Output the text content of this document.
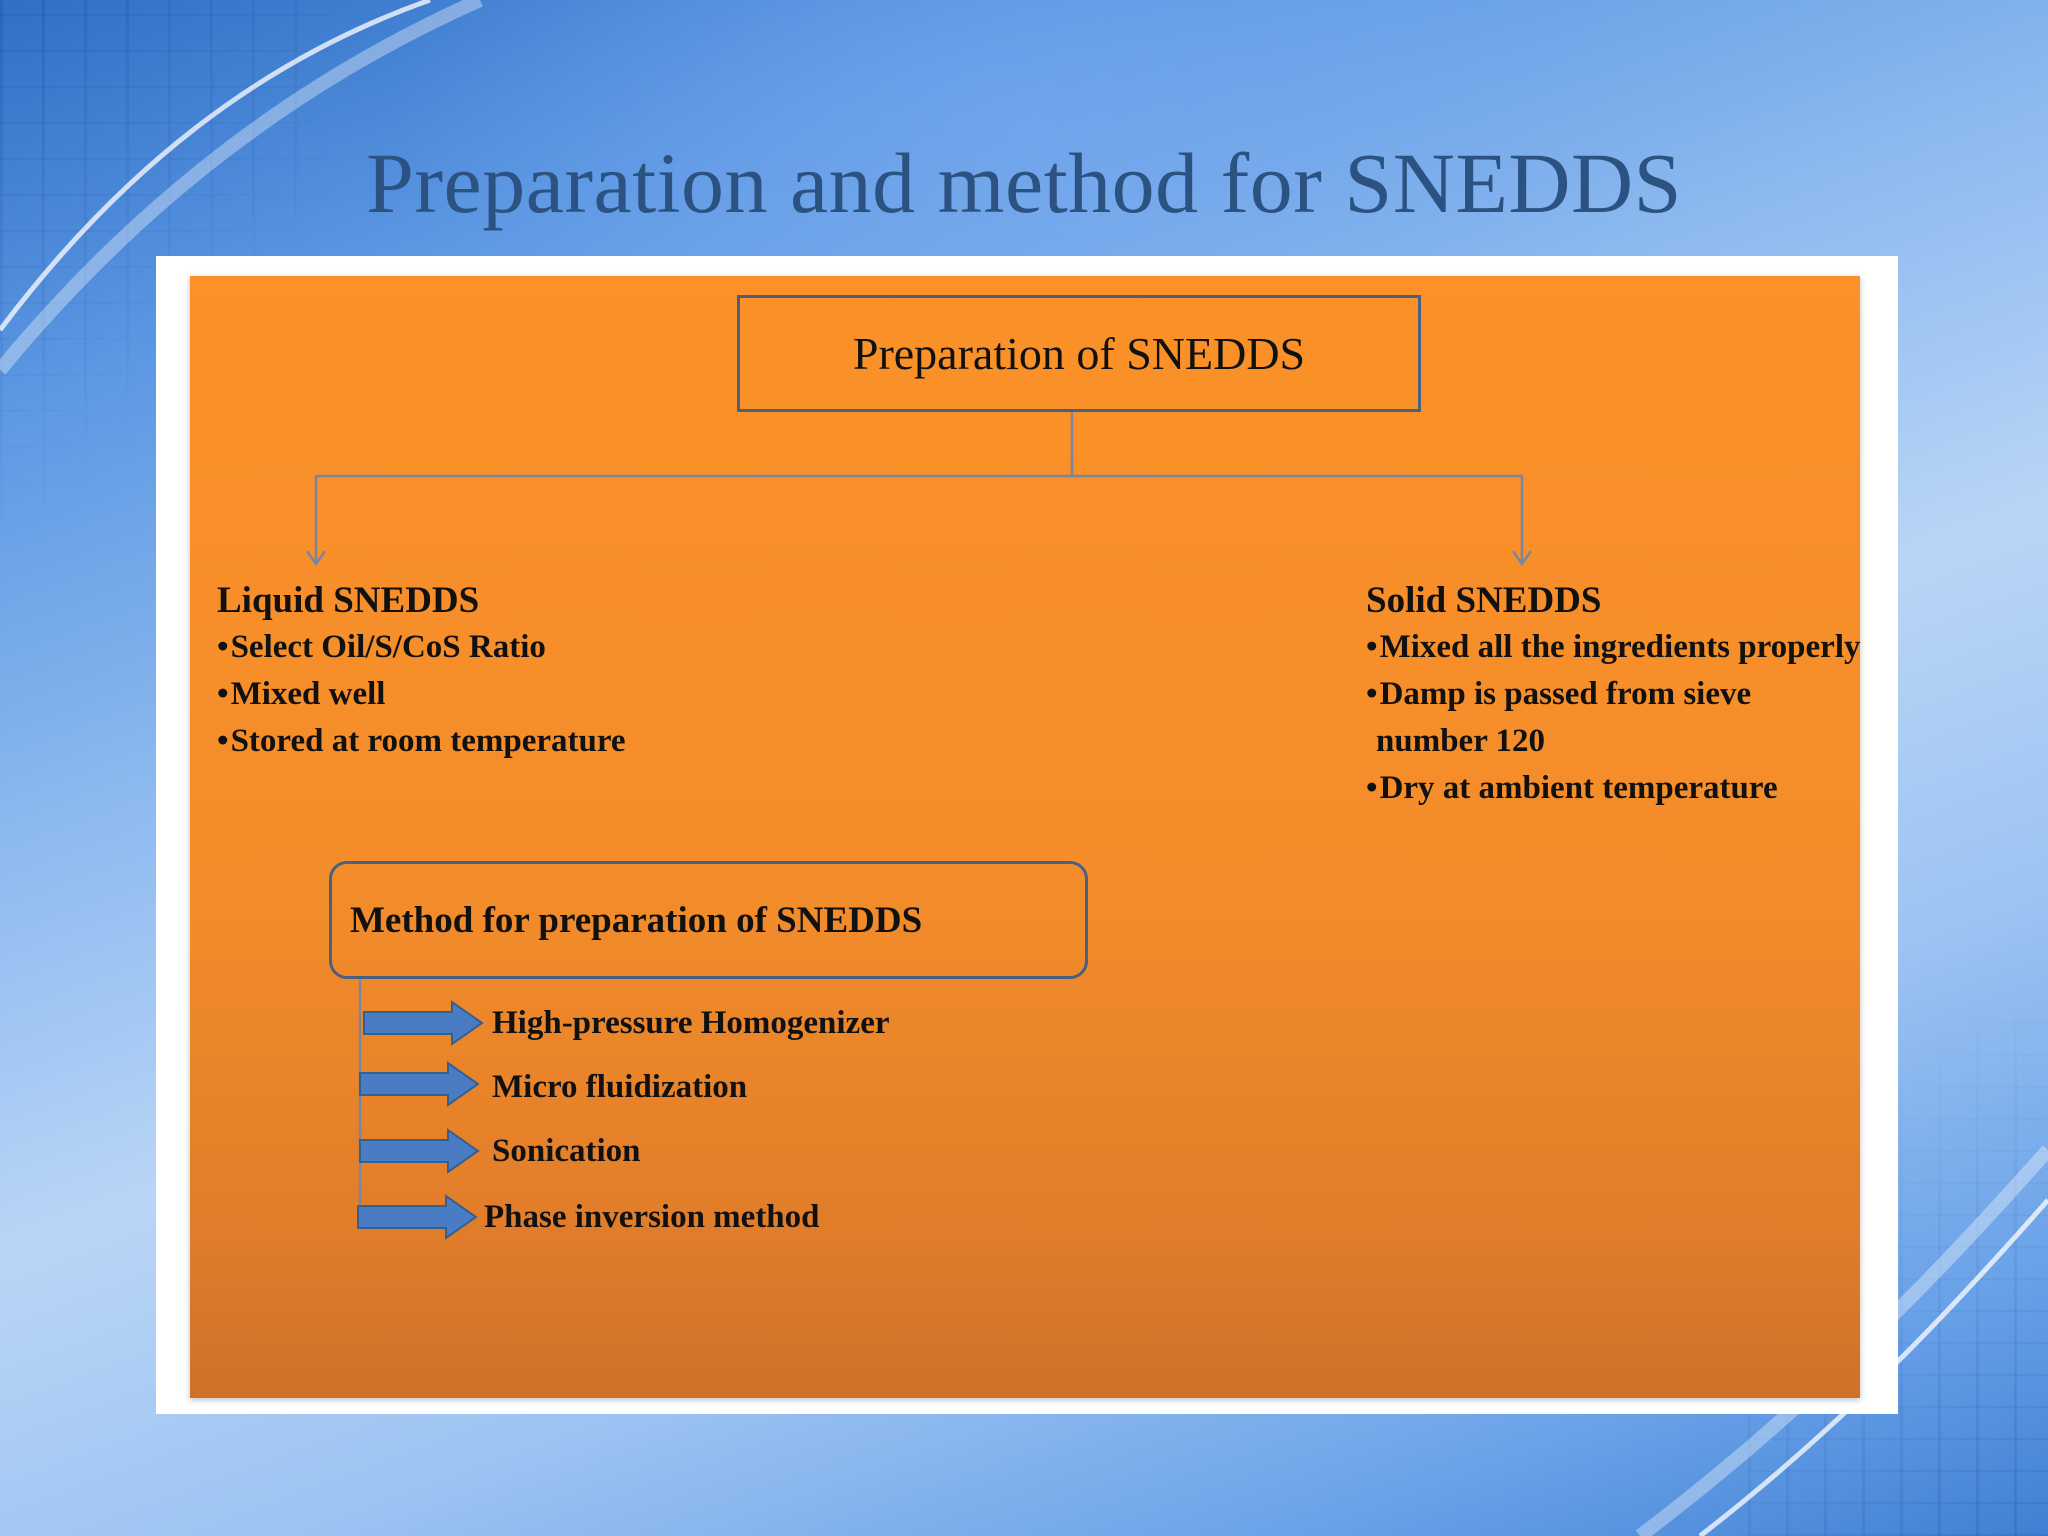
Preparation and method for SNEDDS
Preparation of SNEDDS

Liquid SNEDDS

• Select Oil/S/CoS Ratio
• Mixed well
• Stored at room temperature

Solid SNEDDS

• Mixed all the ingredients properly
• Damp is passed from sieve number 120
• Dry at ambient temperature
Method for preparation of SNEDDS
High-pressure Homogenizer
Micro fluidization
Sonication
Phase inversion method
